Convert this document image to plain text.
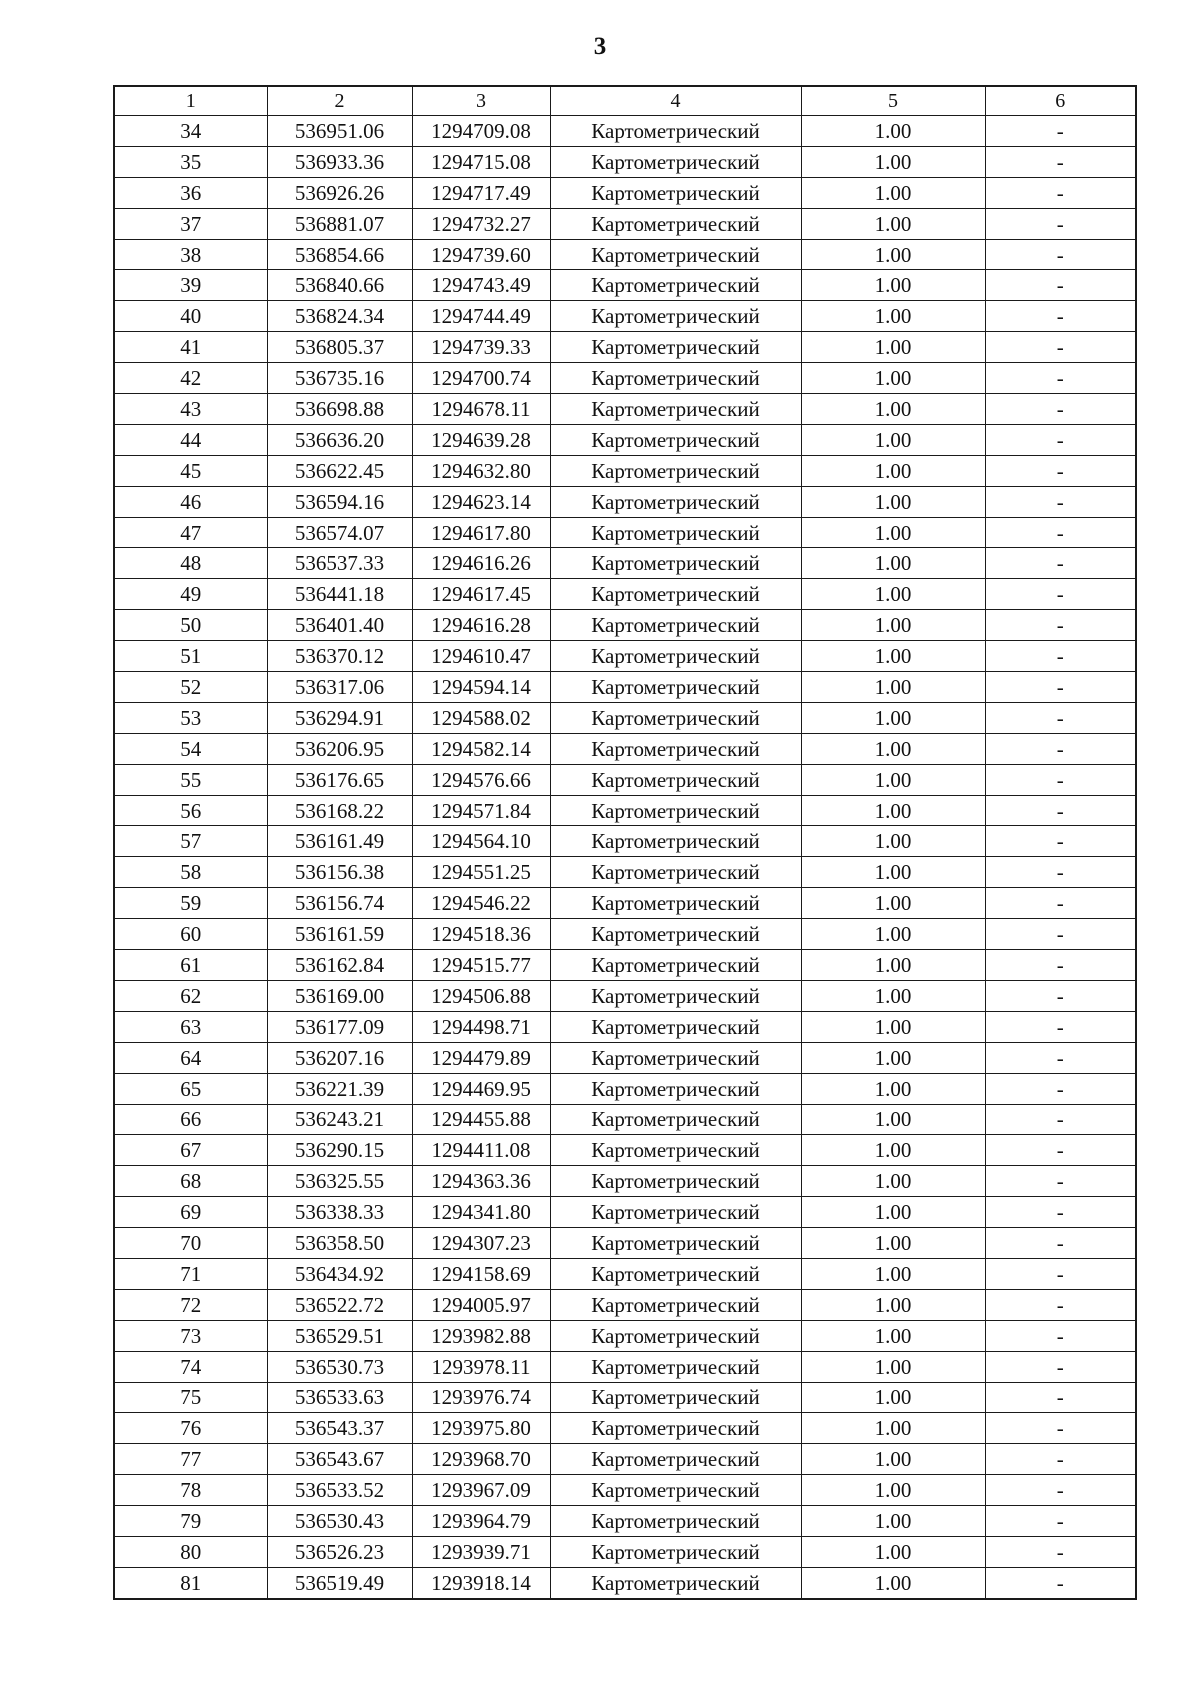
3
1	2	3	4	5	6
34	536951.06	1294709.08	Картометрический	1.00	-
35	536933.36	1294715.08	Картометрический	1.00	-
36	536926.26	1294717.49	Картометрический	1.00	-
37	536881.07	1294732.27	Картометрический	1.00	-
38	536854.66	1294739.60	Картометрический	1.00	-
39	536840.66	1294743.49	Картометрический	1.00	-
40	536824.34	1294744.49	Картометрический	1.00	-
41	536805.37	1294739.33	Картометрический	1.00	-
42	536735.16	1294700.74	Картометрический	1.00	-
43	536698.88	1294678.11	Картометрический	1.00	-
44	536636.20	1294639.28	Картометрический	1.00	-
45	536622.45	1294632.80	Картометрический	1.00	-
46	536594.16	1294623.14	Картометрический	1.00	-
47	536574.07	1294617.80	Картометрический	1.00	-
48	536537.33	1294616.26	Картометрический	1.00	-
49	536441.18	1294617.45	Картометрический	1.00	-
50	536401.40	1294616.28	Картометрический	1.00	-
51	536370.12	1294610.47	Картометрический	1.00	-
52	536317.06	1294594.14	Картометрический	1.00	-
53	536294.91	1294588.02	Картометрический	1.00	-
54	536206.95	1294582.14	Картометрический	1.00	-
55	536176.65	1294576.66	Картометрический	1.00	-
56	536168.22	1294571.84	Картометрический	1.00	-
57	536161.49	1294564.10	Картометрический	1.00	-
58	536156.38	1294551.25	Картометрический	1.00	-
59	536156.74	1294546.22	Картометрический	1.00	-
60	536161.59	1294518.36	Картометрический	1.00	-
61	536162.84	1294515.77	Картометрический	1.00	-
62	536169.00	1294506.88	Картометрический	1.00	-
63	536177.09	1294498.71	Картометрический	1.00	-
64	536207.16	1294479.89	Картометрический	1.00	-
65	536221.39	1294469.95	Картометрический	1.00	-
66	536243.21	1294455.88	Картометрический	1.00	-
67	536290.15	1294411.08	Картометрический	1.00	-
68	536325.55	1294363.36	Картометрический	1.00	-
69	536338.33	1294341.80	Картометрический	1.00	-
70	536358.50	1294307.23	Картометрический	1.00	-
71	536434.92	1294158.69	Картометрический	1.00	-
72	536522.72	1294005.97	Картометрический	1.00	-
73	536529.51	1293982.88	Картометрический	1.00	-
74	536530.73	1293978.11	Картометрический	1.00	-
75	536533.63	1293976.74	Картометрический	1.00	-
76	536543.37	1293975.80	Картометрический	1.00	-
77	536543.67	1293968.70	Картометрический	1.00	-
78	536533.52	1293967.09	Картометрический	1.00	-
79	536530.43	1293964.79	Картометрический	1.00	-
80	536526.23	1293939.71	Картометрический	1.00	-
81	536519.49	1293918.14	Картометрический	1.00	-
